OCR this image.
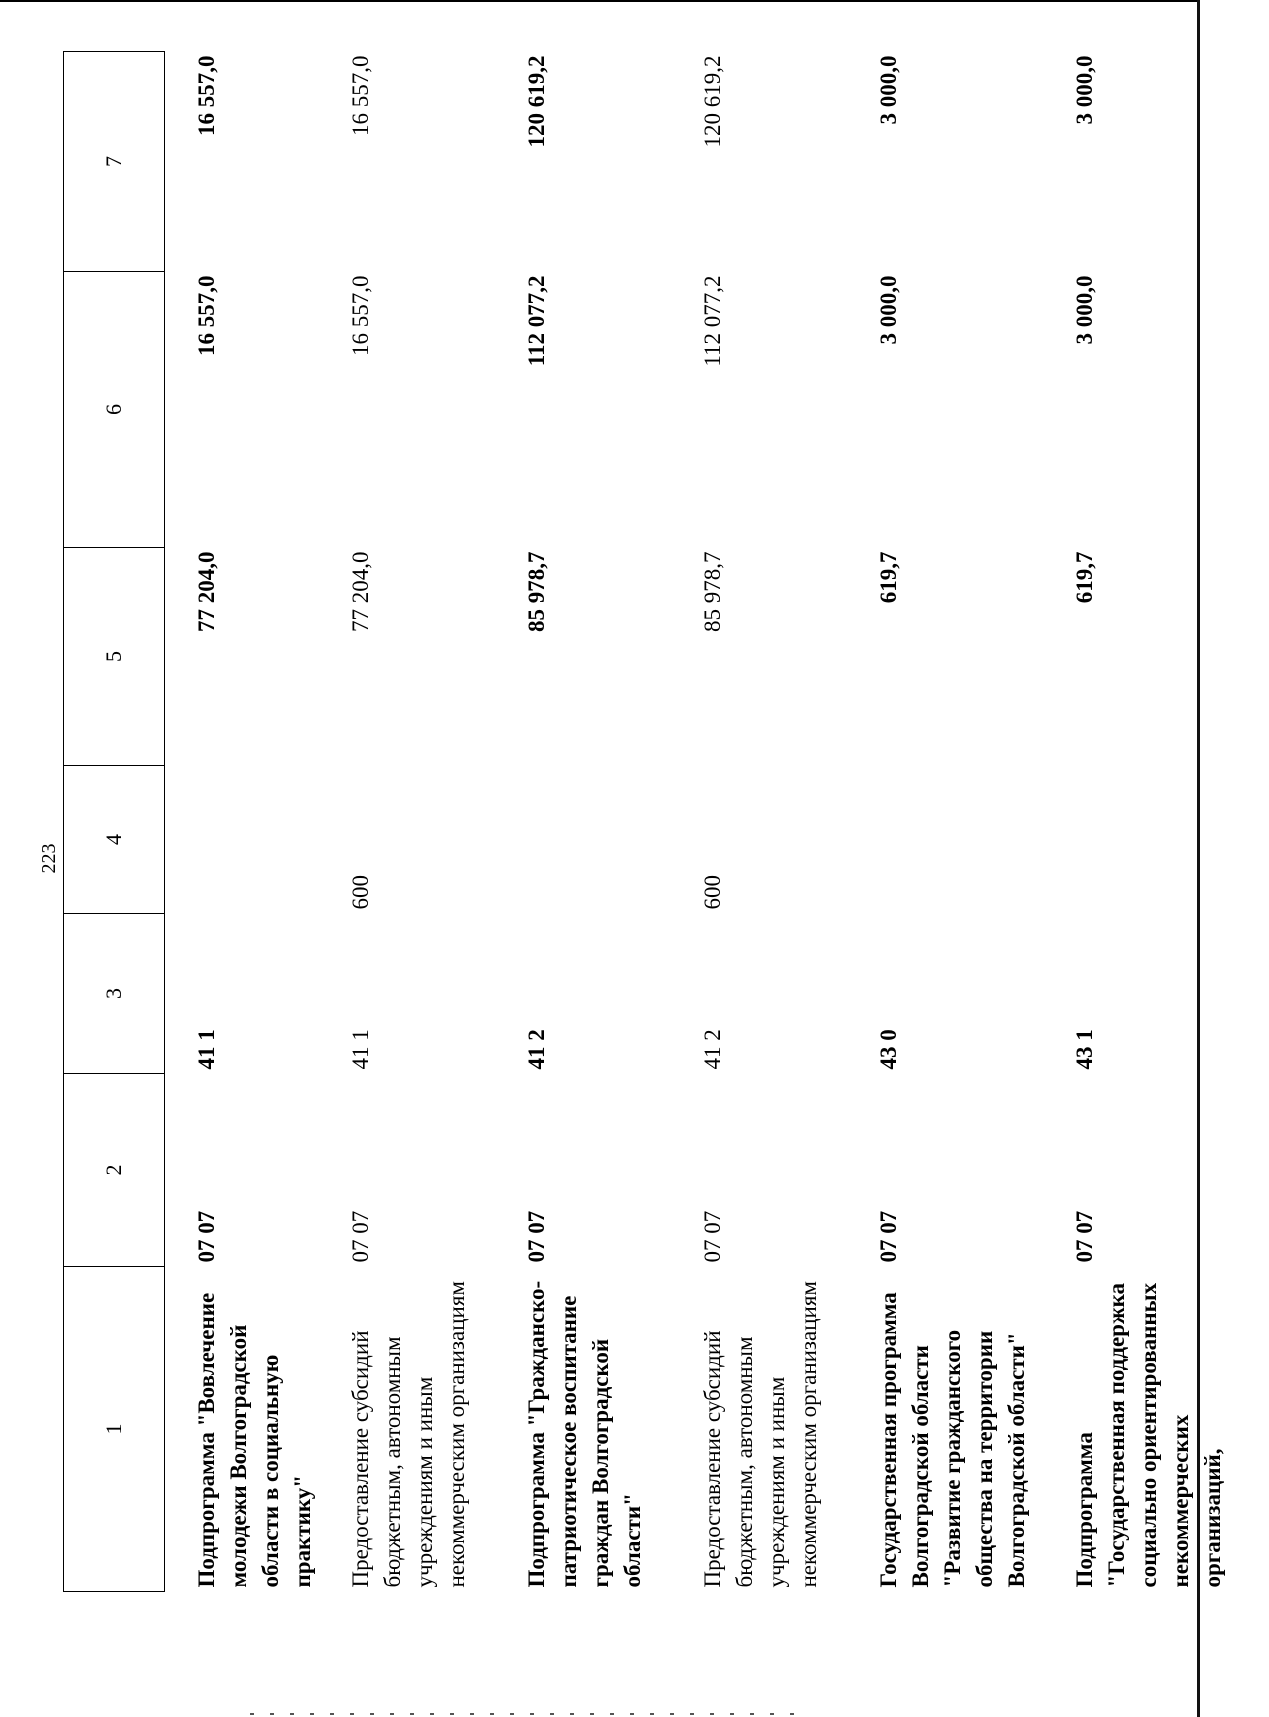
223
1	2	3	4	5	6	7
Подпрограмма "Вовлечение молодежи Волгоградской области в социальную практику"	07 07	41 1		77 204,0	16 557,0	16 557,0
Предоставление субсидий бюджетным, автономным учреждениям и иным некоммерческим организациям	07 07	41 1	600	77 204,0	16 557,0	16 557,0
Подпрограмма "Гражданско-патриотическое воспитание граждан Волгоградской области"	07 07	41 2		85 978,7	112 077,2	120 619,2
Предоставление субсидий бюджетным, автономным учреждениям и иным некоммерческим организациям	07 07	41 2	600	85 978,7	112 077,2	120 619,2
Государственная программа Волгоградской области "Развитие гражданского общества на территории Волгоградской области"	07 07	43 0		619,7	3 000,0	3 000,0
Подпрограмма "Государственная поддержка социально ориентированных некоммерческих организаций,	07 07	43 1		619,7	3 000,0	3 000,0
